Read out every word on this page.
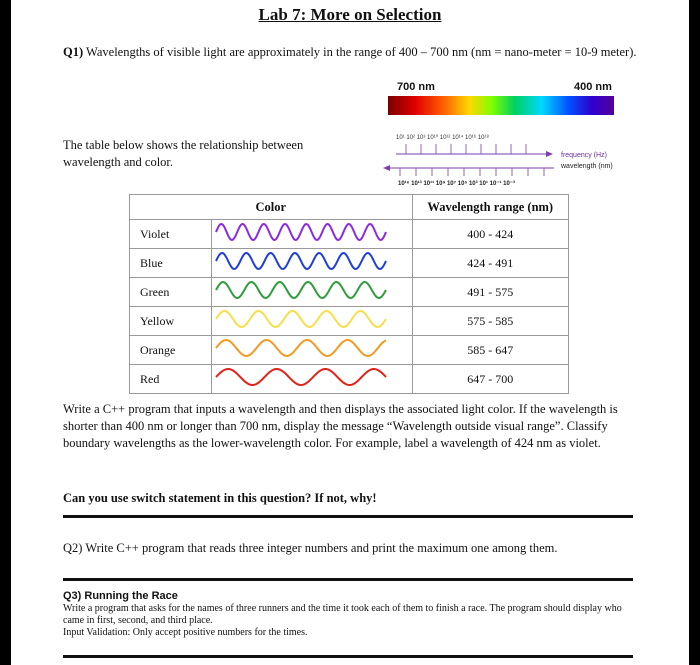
Lab 7: More on Selection
Q1) Wavelengths of visible light are approximately in the range of 400 – 700 nm (nm = nano-meter = 10-9 meter).
700 nm	400 nm
The table below shows the relationship between wavelength and color.
10¹ 10² 10³ 10¹⁰ 10¹² 10¹⁴ 10¹⁶ 10¹⁸
10¹⁶ 10¹³ 10¹¹ 10⁹ 10⁷ 10⁵ 10³ 10¹ 10⁻¹ 10⁻³
frequency (Hz)
wavelength (nm)
Color		Wavelength range (nm)
Violet		400 - 424
Blue		424 - 491
Green		491 - 575
Yellow		575 - 585
Orange		585 - 647
Red		647 - 700
Write a C++ program that inputs a wavelength and then displays the associated light color. If the wavelength is shorter than 400 nm or longer than 700 nm, display the message “Wavelength outside visual range”. Classify boundary wavelengths as the lower-wavelength color. For example, label a wavelength of 424 nm as violet.
Can you use switch statement in this question? If not, why!
Q2) Write C++ program that reads three integer numbers and print the maximum one among them.
Q3) Running the Race
Write a program that asks for the names of three runners and the time it took each of them to finish a race. The program should display who came in first, second, and third place.
Input Validation: Only accept positive numbers for the times.
